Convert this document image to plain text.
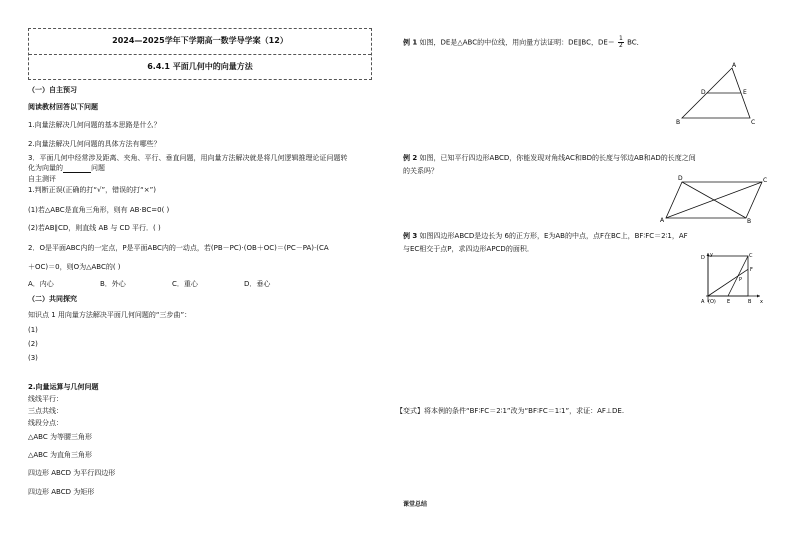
2024—2025学年下学期高一数学导学案（12）
6.4.1 平面几何中的向量方法
（一）自主预习
阅读教材回答以下问题
1.向量法解决几何问题的基本思路是什么？
2.向量法解决几何问题的具体方法有哪些？
3．平面几何中经常涉及距离、夹角、平行、垂直问题，用向量方法解决就是将几何逻辑推理论证问题转
化为向量的	问题
自主测评
1.判断正误(正确的打“√”，错误的打“×”)
(1)若△ABC是直角三角形，则有 AB·BC=0( )
(2)若AB∥CD，则直线 AB 与 CD 平行．( )
2．O是平面ABC内的一定点，P是平面ABC内的一动点，若(PB－PC)·(OB＋OC)＝(PC－PA)·(CA
＋OC)＝0，则O为△ABC的( )
A．内心	B．外心	C．重心	D．垂心
（二）共同探究
知识点 1 用向量方法解决平面几何问题的“三步曲”：
(1)
(2)
(3)
2.向量运算与几何问题
线线平行：
三点共线：
线段分点：
△ABC 为等腰三角形
△ABC 为直角三角形
四边形 ABCD 为平行四边形
四边形 ABCD 为矩形
例 1 如图，DE是△ABC的中位线，用向量方法证明：DE∥BC，$DE= \frac{1}{2}$ BC．
A
B	C
D	E
例 2 如图，已知平行四边形ABCD，你能发现对角线AC和BD的长度与邻边AB和AD的长度之间
的关系吗？
A	B
C
D
例 3 如图四边形ABCD是边长为 6的正方形，E为AB的中点，点F在BC上，BF∶FC＝2∶1，AF
与EC相交于点P，求四边形APCD的面积．
y
x
(O)
A	B
C
D
E
F
P
【变式】将本例的条件“BF∶FC＝2∶1”改为“BF∶FC＝1∶1”，求证：AF⊥DE.
课堂总结
